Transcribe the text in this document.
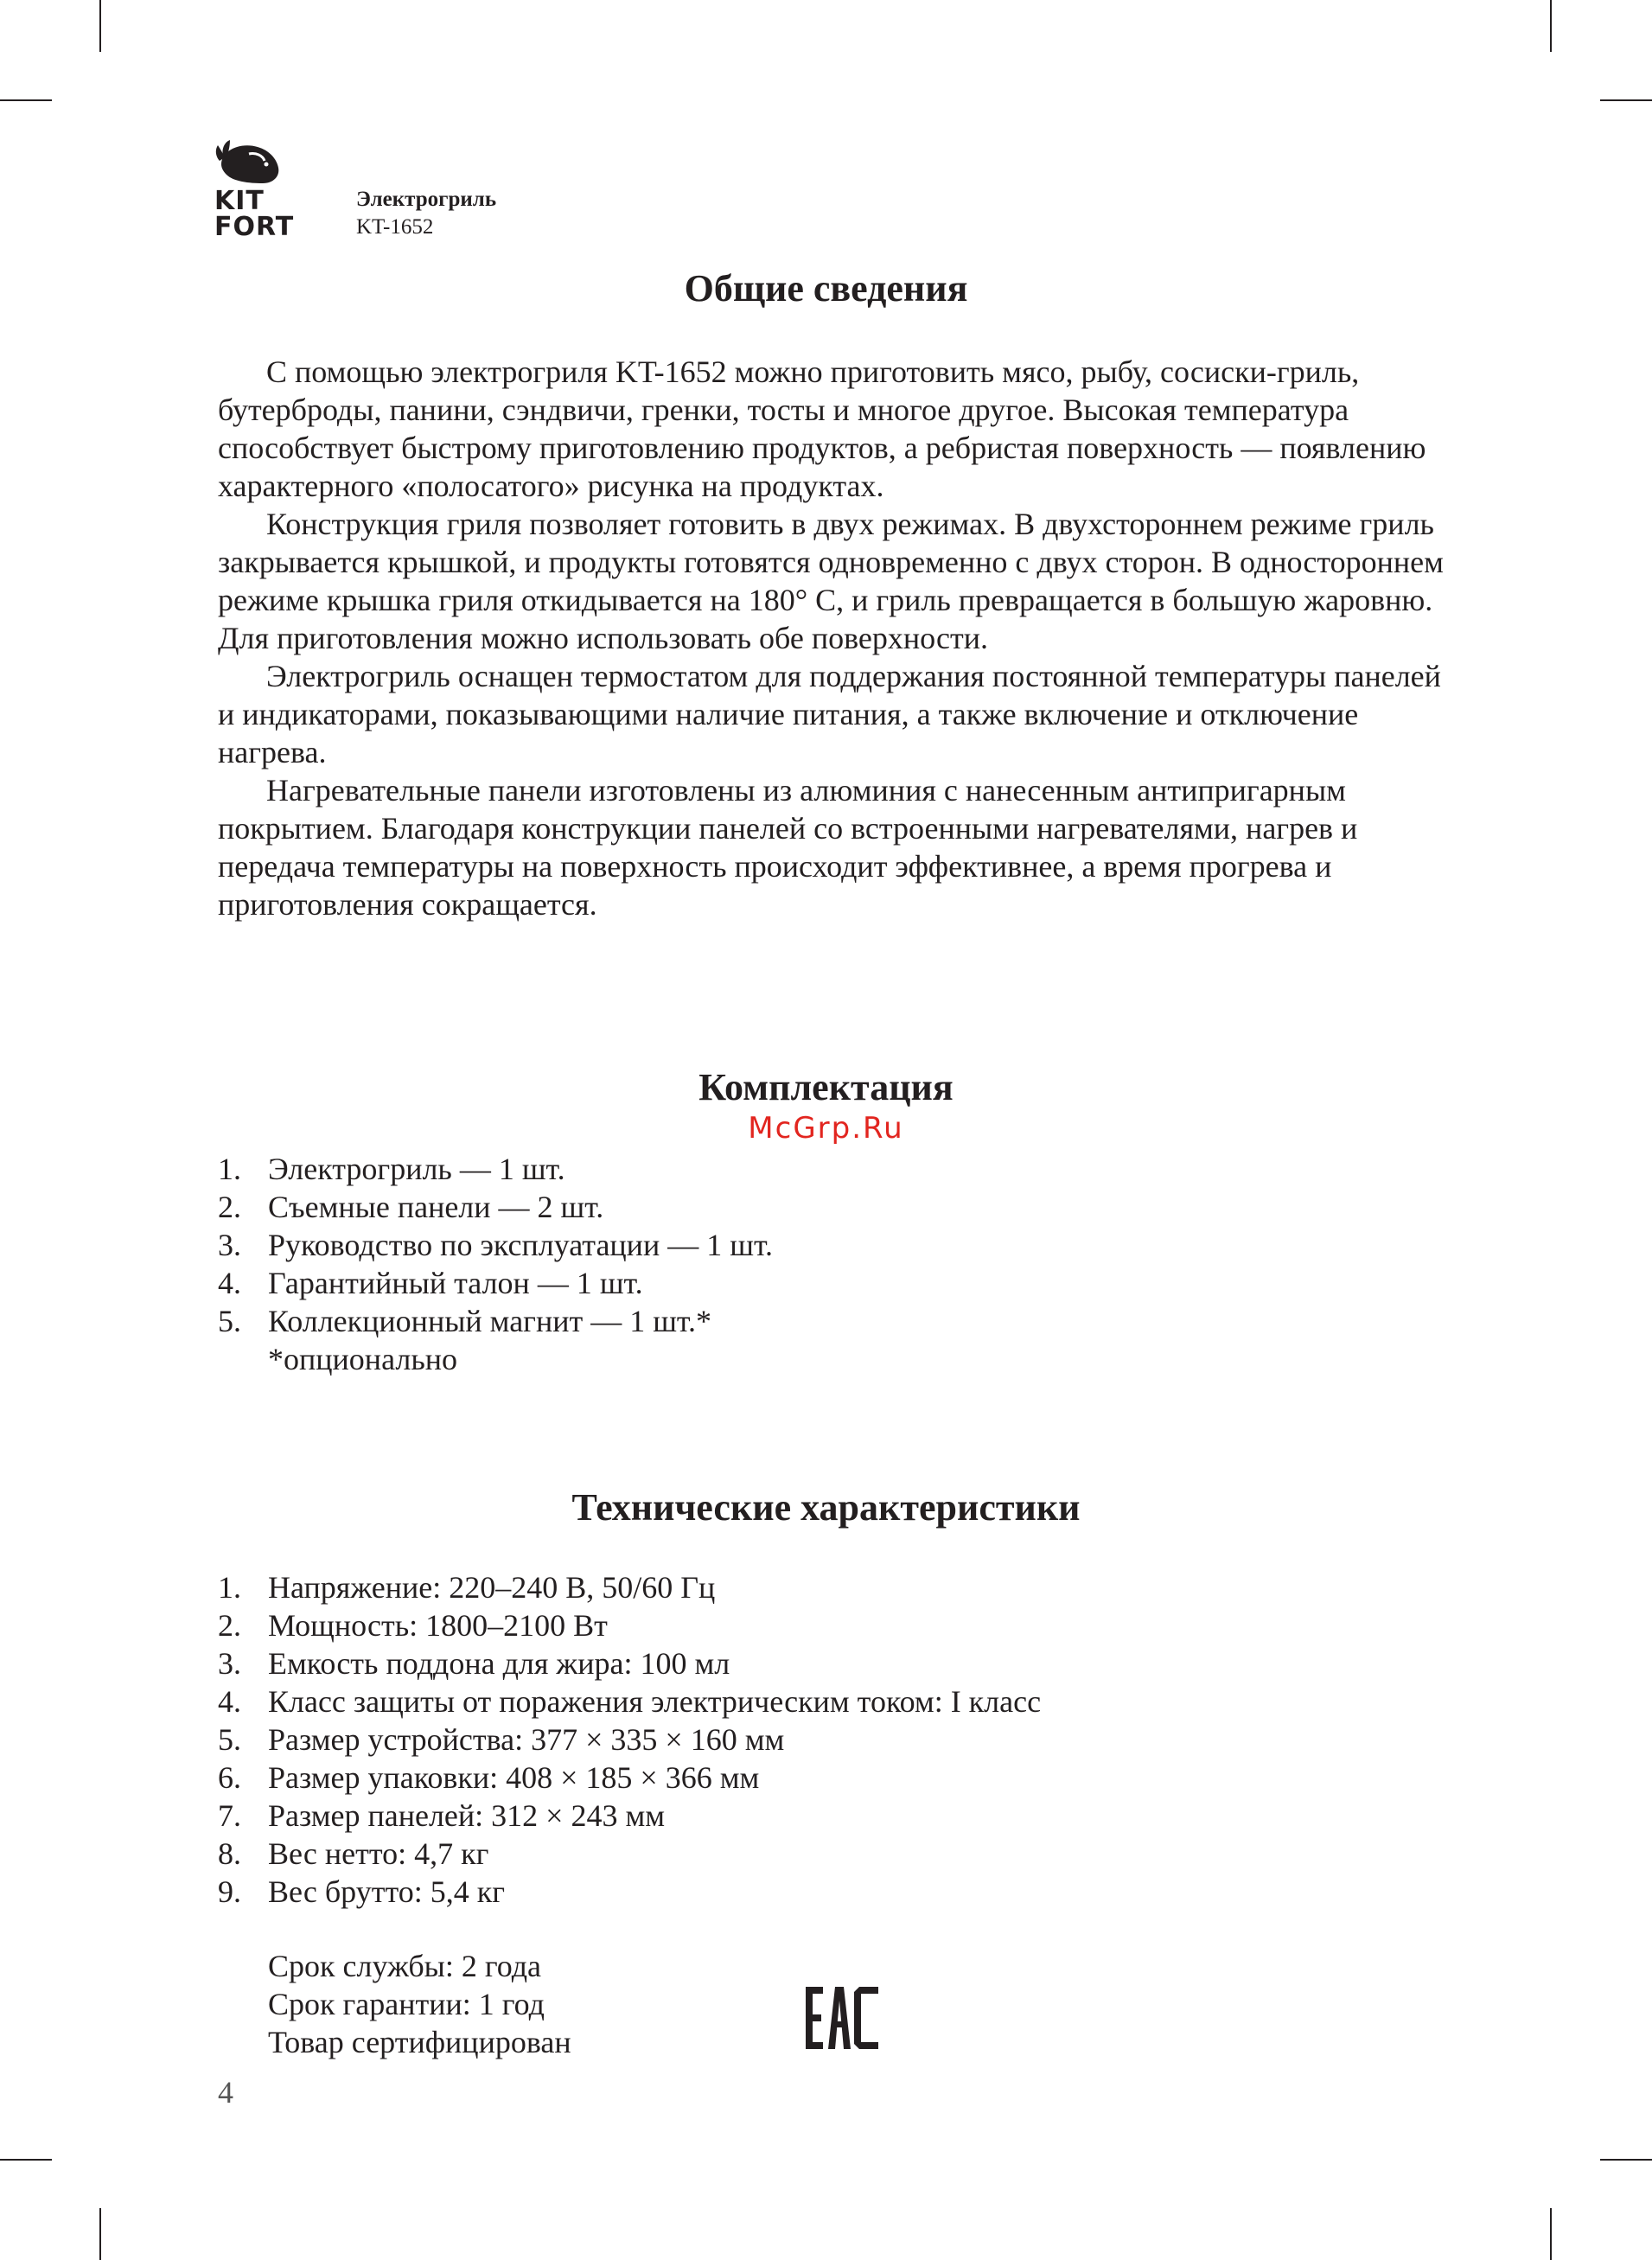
KIT
FORT
Электрогриль
KT-1652
Общие сведения

С помощью электрогриля KT-1652 можно приготовить мясо, рыбу, сосиски-гриль, бутерброды, панини, сэндвичи, гренки, тосты и многое другое. Высокая температура способствует быстрому приготовлению продуктов, а ребристая поверхность — появлению характерного «полосатого» рисунка на продуктах.

Конструкция гриля позволяет готовить в двух режимах. В двухстороннем режиме гриль закрывается крышкой, и продукты готовятся одновременно с двух сторон. В одностороннем режиме крышка гриля откидывается на 180° С, и гриль превращается в большую жаровню. Для приготовления можно использовать обе поверхности.

Электрогриль оснащен термостатом для поддержания постоянной температуры панелей и индикаторами, показывающими наличие питания, а также включение и отключение нагрева.

Нагревательные панели изготовлены из алюминия с нанесенным антипригарным покрытием. Благодаря конструкции панелей со встроенными нагревателями, нагрев и передача температуры на поверхность происходит эффективнее, а время прогрева и приготовления сокращается.

Комплектация
McGrp.Ru
1. Электрогриль — 1 шт.
2. Съемные панели — 2 шт.
3. Руководство по эксплуатации — 1 шт.
4. Гарантийный талон — 1 шт.
5. Коллекционный магнит — 1 шт.*
*опционально
Технические характеристики
1. Напряжение: 220–240 В, 50/60 Гц
2. Мощность: 1800–2100 Вт
3. Емкость поддона для жира: 100 мл
4. Класс защиты от поражения электрическим током: I класс
5. Размер устройства: 377 × 335 × 160 мм
6. Размер упаковки: 408 × 185 × 366 мм
7. Размер панелей: 312 × 243 мм
8. Вес нетто: 4,7 кг
9. Вес брутто: 5,4 кг
Срок службы: 2 года
Срок гарантии: 1 год
Товар сертифицирован
4
